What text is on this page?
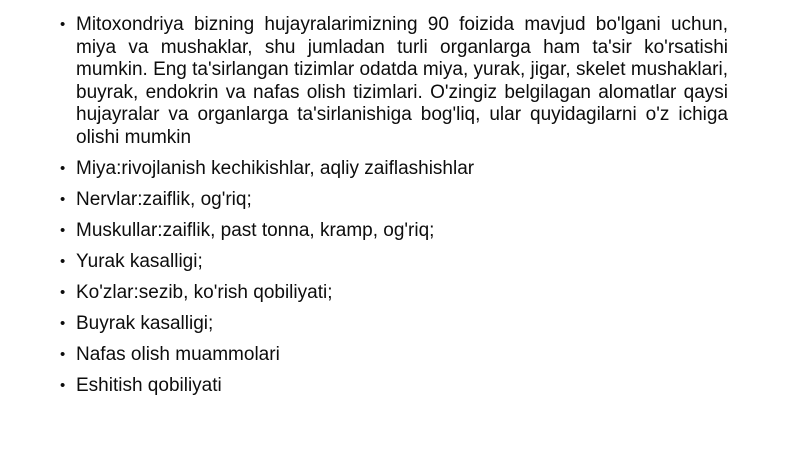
• Mitoxondriya bizning hujayralarimizning 90 foizida mavjud bo'lgani uchun, miya va mushaklar, shu jumladan turli organlarga ham ta'sir ko'rsatishi mumkin. Eng ta'sirlangan tizimlar odatda miya, yurak, jigar, skelet mushaklari, buyrak, endokrin va nafas olish tizimlari. O'zingiz belgilagan alomatlar qaysi hujayralar va organlarga ta'sirlanishiga bog'liq, ular quyidagilarni o'z ichiga olishi mumkin
• Miya:rivojlanish kechikishlar, aqliy zaiflashishlar
• Nervlar:zaiflik, og'riq;
• Muskullar:zaiflik, past tonna, kramp, og'riq;
• Yurak kasalligi;
• Ko'zlar:sezib, ko'rish qobiliyati;
• Buyrak kasalligi;
• Nafas olish muammolari
• Eshitish qobiliyati
